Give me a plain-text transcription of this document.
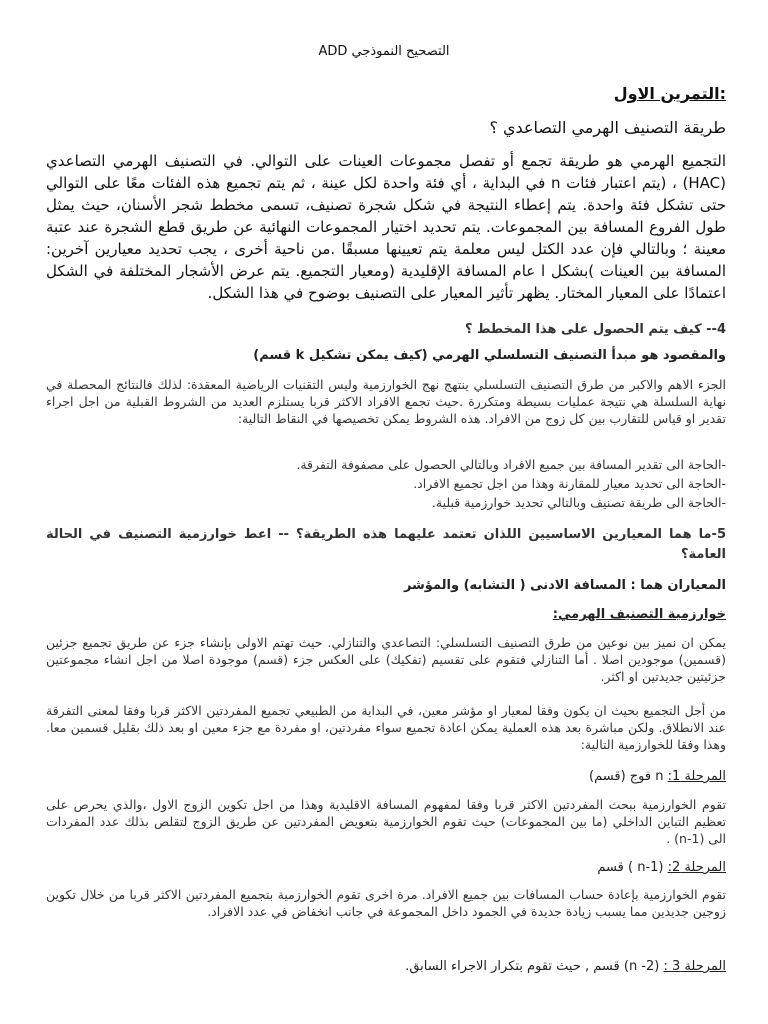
التصحيح النموذجي ADD
:التمرين الاول
طريقة التصنيف الهرمي التصاعدي ؟
التجميع الهرمي هو طريقة تجمع أو تفصل مجموعات العينات على التوالي. في التصنيف الهرمي التصاعدي (HAC) ، (يتم اعتبار فئات n في البداية ، أي فئة واحدة لكل عينة ، ثم يتم تجميع هذه الفئات معًا على التوالي حتى تشكل فئة واحدة. يتم إعطاء النتيجة في شكل شجرة تصنيف، تسمى مخطط شجر الأسنان، حيث يمثل طول الفروع المسافة بين المجموعات. يتم تحديد اختيار المجموعات النهائية عن طريق قطع الشجرة عند عتبة معينة ؛ وبالتالي فإن عدد الكتل ليس معلمة يتم تعيينها مسبقًا .من ناحية أخرى ، يجب تحديد معيارين آخرين: المسافة بين العينات )بشكل ا عام المسافة الإقليدية (ومعيار التجميع. يتم عرض الأشجار المختلفة في الشكل اعتمادًا على المعيار المختار. يظهر تأثير المعيار على التصنيف بوضوح في هذا الشكل.
4-- كيف يتم الحصول على هذا المخطط ؟
والمقصود هو مبدأ التصنيف التسلسلي الهرمي (كيف يمكن تشكيل k قسم)
الجزء الاهم والاكبر من طرق التصنيف التسلسلي ينتهج نهج الخوارزمية وليس التقنيات الرياضية المعقدة: لذلك فالنتائج المحصلة في نهاية السلسلة هي نتيجة عمليات بسيطة ومتكررة .حيث تجمع الافراد الاكثر قربا يستلزم العديد من الشروط القبلية من اجل اجراء تقدير او قياس للتقارب بين كل زوج من الافراد. هذه الشروط يمكن تخصيصها في النقاط التالية:
-الحاجة الى تقدير المسافة بين جميع الافراد وبالتالي الحصول على مصفوفة التفرقة.
-الحاجة الى تحديد معيار للمقارنة وهذا من اجل تجميع الافراد.
-الحاجة الى طريقة تصنيف وبالتالي تحديد خوارزمية قبلية.
5-ما هما المعيارين الاساسيين اللذان تعتمد عليهما هذه الطريقة؟ -- اعط خوارزمية التصنيف في الحالة العامة؟
المعياران هما : المسافة الادنى ( التشابه) والمؤشر
خوارزمية التصنيف الهرمي:
يمكن ان نميز بين نوعين من طرق التصنيف التسلسلي: التصاعدي والتنازلي. حيث تهتم الاولى بإنشاء جزء عن طريق تجميع جزئين (قسمين) موجودين اصلا . أما التنازلي فتقوم على تقسيم (تفكيك) على العكس جزء (قسم) موجودة اصلا من اجل انشاء مجموعتين جزئيتين جديدتين او اكثر.
من أجل التجميع بحيث ان يكون وفقا لمعيار او مؤشر معين، في البداية من الطبيعي تجميع المفردتين الاكثر قربا وفقا لمعنى التفرقة عند الانطلاق. ولكن مباشرة بعد هذه العملية يمكن اعادة تجميع سواء مفردتين، او مفردة مع جزء معين او بعد ذلك بقليل قسمين معا. وهذا وفقا للخوارزمية التالية:
المرحلة 1: n فوج (قسم)
تقوم الخوارزمية ببحث المفردتين الاكثر قربا وفقا لمفهوم المسافة الاقليدية وهذا من اجل تكوين الزوج الاول ،والذي يحرص على تعظيم التباين الداخلي (ما بين المجموعات) حيث تقوم الخوارزمية بتعويض المفردتين عن طريق الزوج لتقلص بذلك عدد المفردات الى (n-1) .
المرحلة 2: (n-1 ) قسم
تقوم الخوارزمية بإعادة حساب المسافات بين جميع الافراد. مرة اخرى تقوم الخوارزمية بتجميع المفردتين الاكثر قربا من خلال تكوين زوجين جديدين مما يسبب زيادة جديدة في الجمود داخل المجموعة في جانب انخفاض في عدد الافراد.
المرحلة 3 : (n -2) قسم , حيث تقوم بتكرار الاجراء السابق.
